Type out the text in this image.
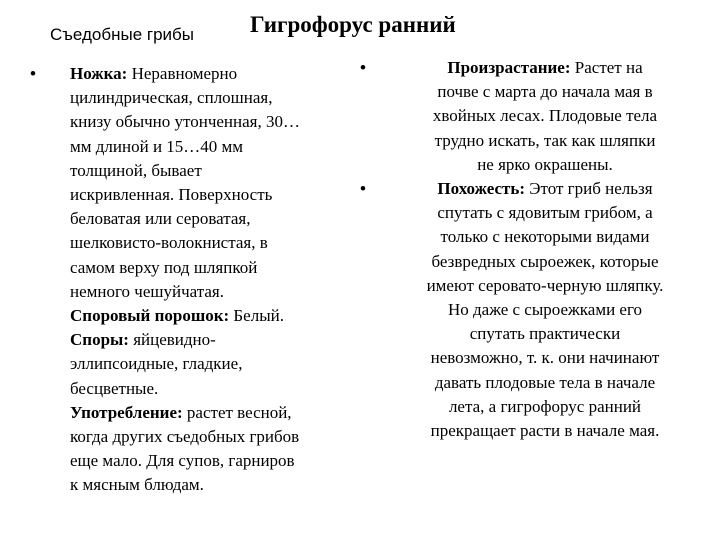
Съедобные грибы Гигрофорус ранний
•	Ножка: Неравномерно
цилиндрическая, сплошная,
книзу обычно утонченная, 30…
мм длиной и 15…40 мм
толщиной, бывает
искривленная. Поверхность
беловатая или сероватая,
шелковисто-волокнистая, в
самом верху под шляпкой
немного чешуйчатая.
Споровый порошок: Белый.
Споры: яйцевидно-
эллипсоидные, гладкие,
бесцветные.
Употребление: растет весной,
когда других съедобных грибов
еще мало. Для супов, гарниров
к мясным блюдам.
•	Произрастание: Растет на
почве с марта до начала мая в
хвойных лесах. Плодовые тела
трудно искать, так как шляпки
не ярко окрашены.
•	Похожесть: Этот гриб нельзя
спутать с ядовитым грибом, а
только с некоторыми видами
безвредных сыроежек, которые
имеют серовато-черную шляпку.
Но даже с сыроежками его
спутать практически
невозможно, т. к. они начинают
давать плодовые тела в начале
лета, а гигрофорус ранний
прекращает расти в начале мая.
